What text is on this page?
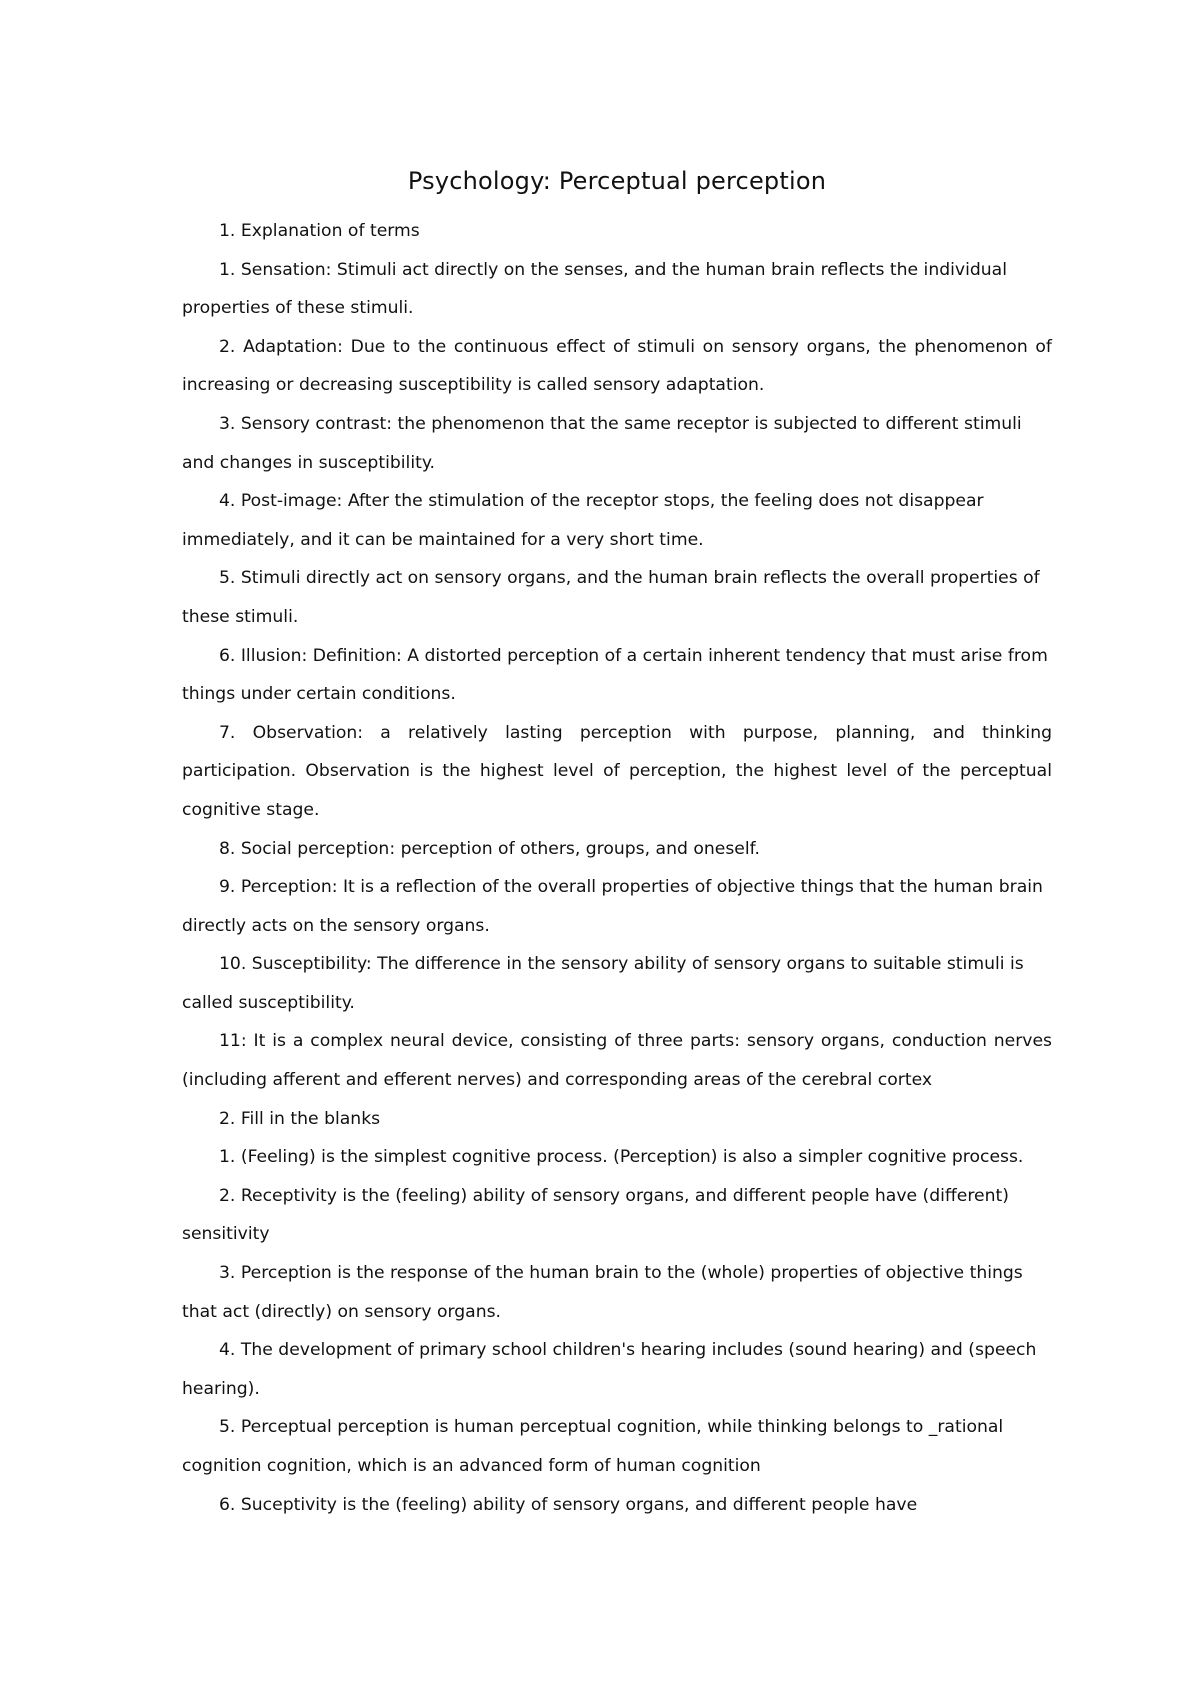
Psychology: Perceptual perception

1. Explanation of terms

1. Sensation: Stimuli act directly on the senses, and the human brain reflects the individual properties of these stimuli.

2. Adaptation: Due to the continuous effect of stimuli on sensory organs, the phenomenon of increasing or decreasing susceptibility is called sensory adaptation.

3. Sensory contrast: the phenomenon that the same receptor is subjected to different stimuli and changes in susceptibility.

4. Post-image: After the stimulation of the receptor stops, the feeling does not disappear immediately, and it can be maintained for a very short time.

5. Stimuli directly act on sensory organs, and the human brain reflects the overall properties of these stimuli.

6. Illusion: Definition: A distorted perception of a certain inherent tendency that must arise from things under certain conditions.

7. Observation: a relatively lasting perception with purpose, planning, and thinking participation. Observation is the highest level of perception, the highest level of the perceptual cognitive stage.

8. Social perception: perception of others, groups, and oneself.

9. Perception: It is a reflection of the overall properties of objective things that the human brain directly acts on the sensory organs.

10. Susceptibility: The difference in the sensory ability of sensory organs to suitable stimuli is called susceptibility.

11: It is a complex neural device, consisting of three parts: sensory organs, conduction nerves (including afferent and efferent nerves) and corresponding areas of the cerebral cortex

2. Fill in the blanks

1. (Feeling) is the simplest cognitive process. (Perception) is also a simpler cognitive process.

2. Receptivity is the (feeling) ability of sensory organs, and different people have (different) sensitivity

3. Perception is the response of the human brain to the (whole) properties of objective things that act (directly) on sensory organs.

4. The development of primary school children's hearing includes (sound hearing) and (speech hearing).

5. Perceptual perception is human perceptual cognition, while thinking belongs to _rational cognition cognition, which is an advanced form of human cognition

6. Suceptivity is the (feeling) ability of sensory organs, and different people have
